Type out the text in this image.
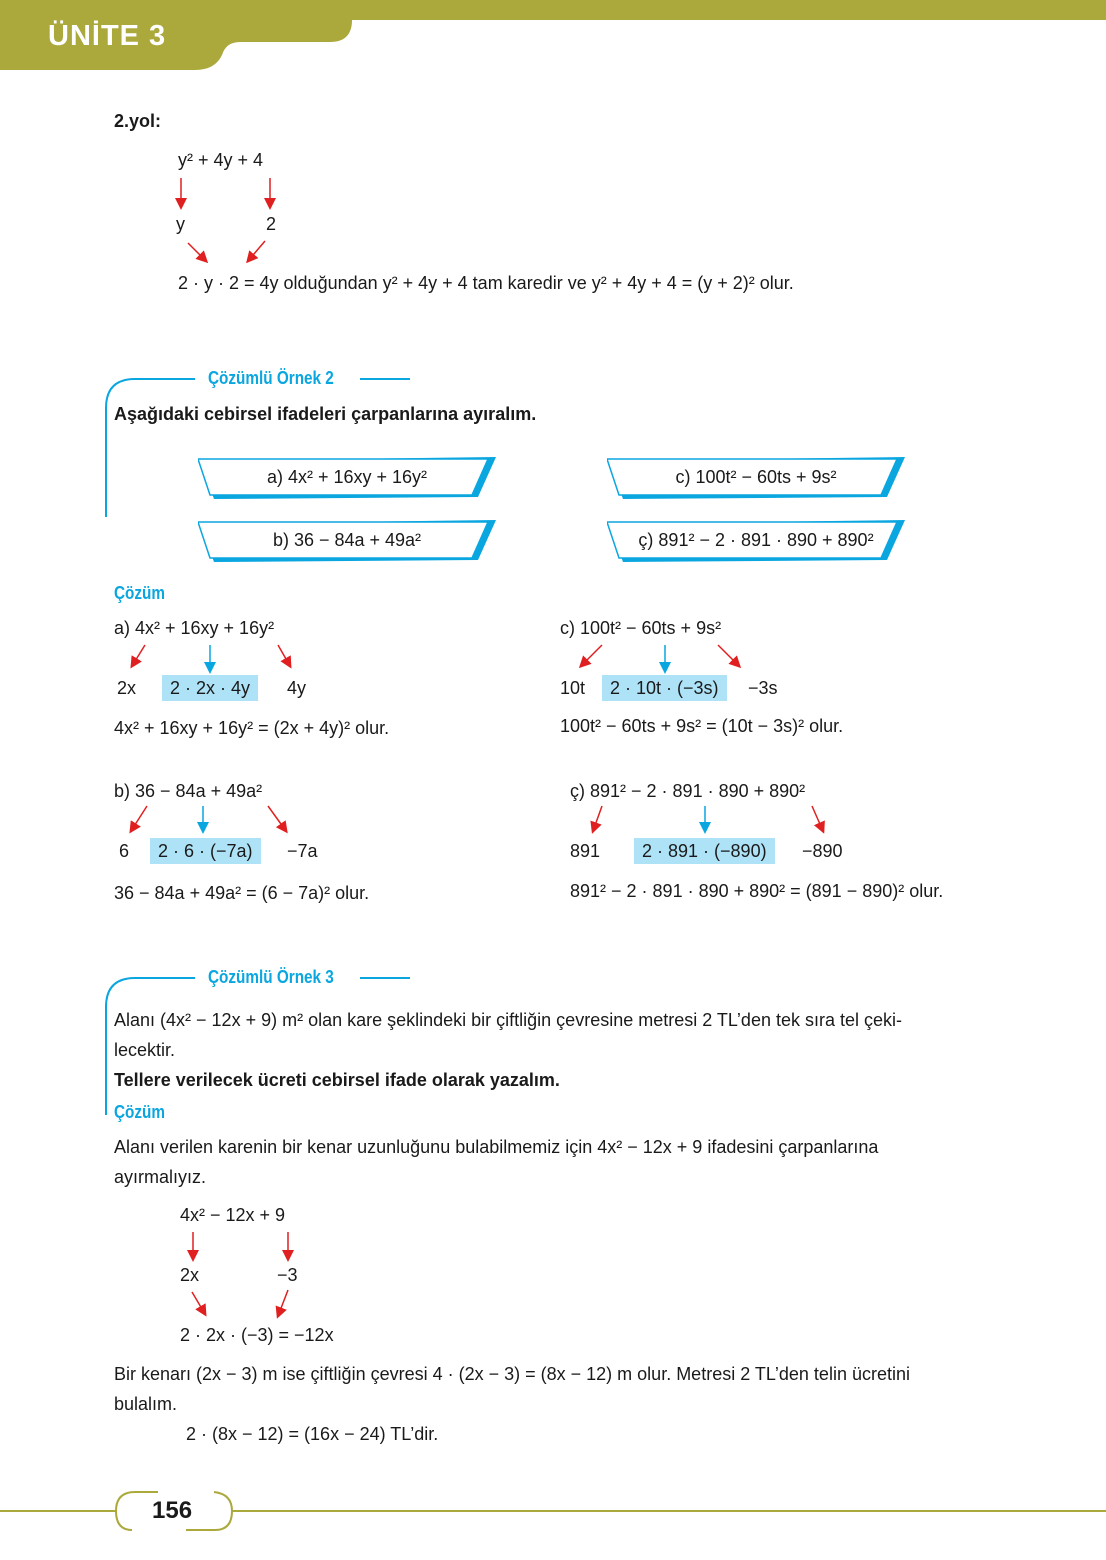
ÜNİTE 3
2.yol:
y² + 4y + 4
y	2
2 · y · 2 = 4y olduğundan y² + 4y + 4 tam karedir ve y² + 4y + 4 = (y + 2)² olur.
Çözümlü Örnek 2
Aşağıdaki cebirsel ifadeleri çarpanlarına ayıralım.
a) 4x² + 16xy + 16y²
b) 36 − 84a + 49a²
c) 100t² − 60ts + 9s²
ç) 891² − 2 · 891 · 890 + 890²
Çözüm
a) 4x² + 16xy + 16y²
2x	2 · 2x · 4y	4y
4x² + 16xy + 16y² = (2x + 4y)² olur.
c) 100t² − 60ts + 9s²
10t	2 · 10t · (−3s)	−3s
100t² − 60ts + 9s² = (10t − 3s)² olur.
b) 36 − 84a + 49a²
6	2 · 6 · (−7a)	−7a
36 − 84a + 49a² = (6 − 7a)² olur.
ç) 891² − 2 · 891 · 890 + 890²
891	2 · 891 · (−890)	−890
891² − 2 · 891 · 890 + 890² = (891 − 890)² olur.
Çözümlü Örnek 3
Alanı (4x² − 12x + 9) m² olan kare şeklindeki bir çiftliğin çevresine metresi 2 TL’den tek sıra tel çeki-
lecektir.
Tellere verilecek ücreti cebirsel ifade olarak yazalım.
Çözüm
Alanı verilen karenin bir kenar uzunluğunu bulabilmemiz için 4x² − 12x + 9 ifadesini çarpanlarına
ayırmalıyız.
4x² − 12x + 9
2x	−3
2 · 2x · (−3) = −12x
Bir kenarı (2x − 3) m ise çiftliğin çevresi 4 · (2x − 3) = (8x − 12) m olur. Metresi 2 TL’den telin ücretini
bulalım.
2 · (8x − 12) = (16x − 24) TL’dir.
156
